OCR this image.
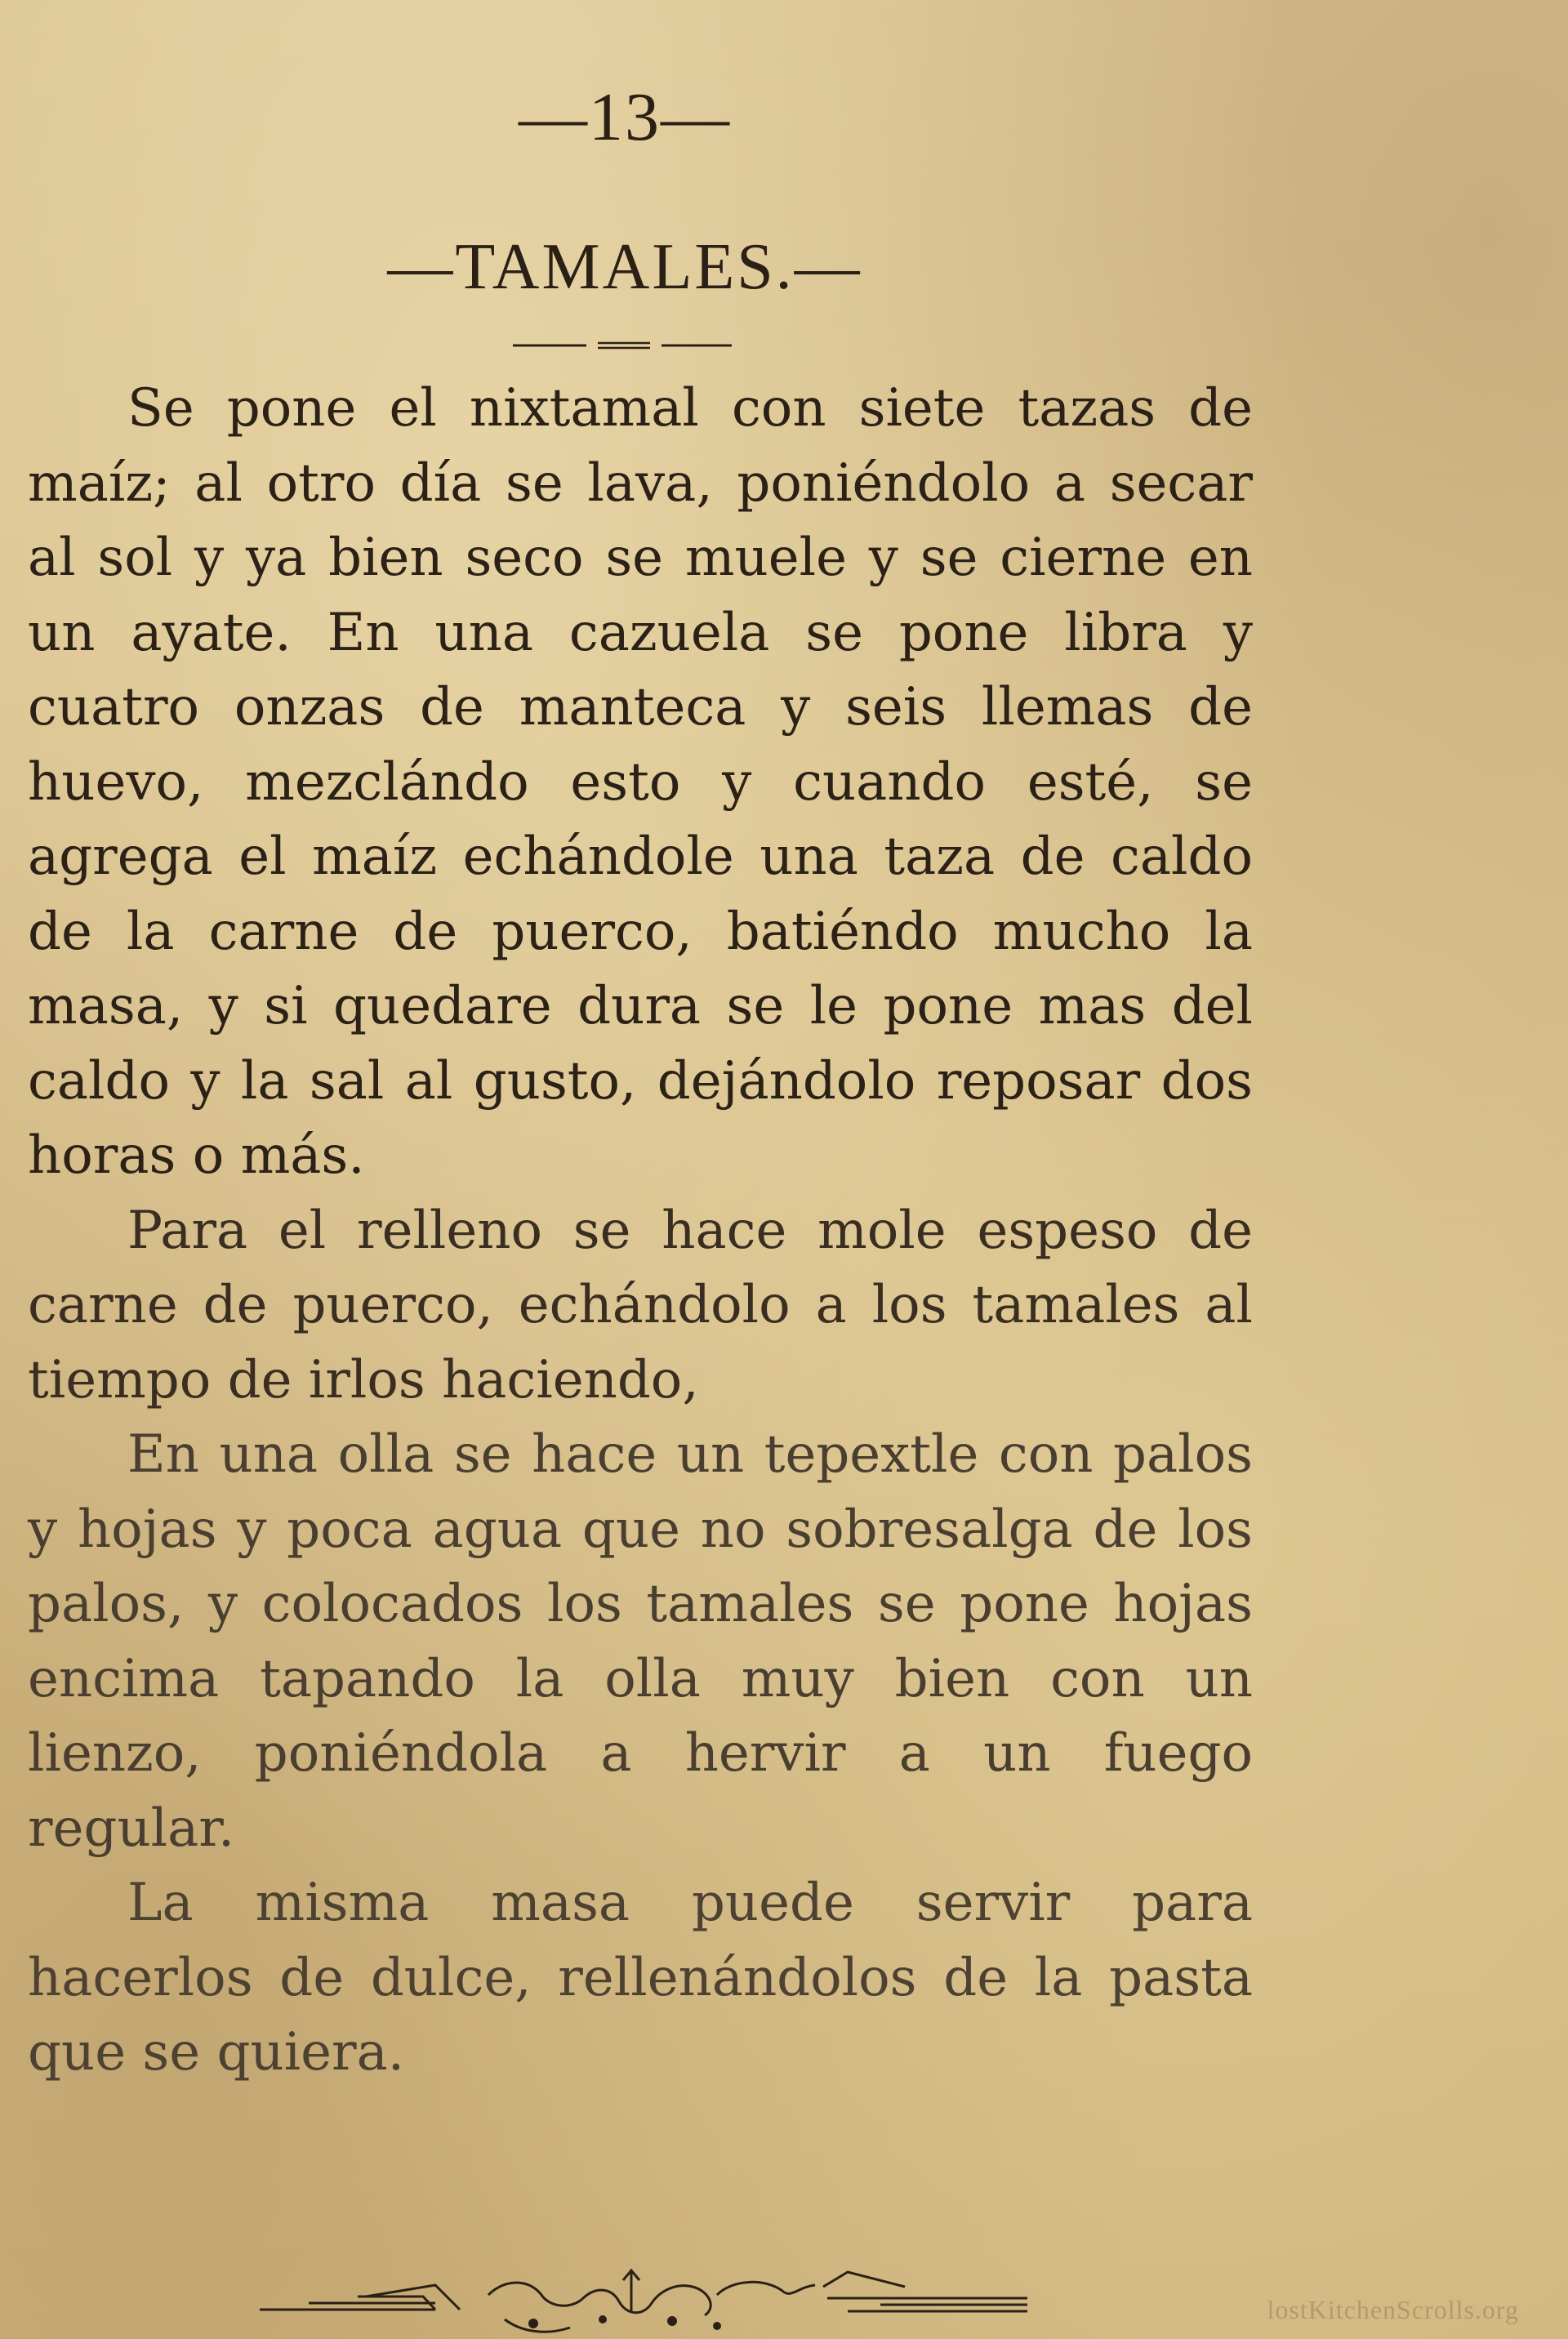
—13—
—TAMALES.—

Se pone el nixtamal con siete tazas de maíz; al otro día se lava, poniéndolo a secar al sol y ya bien seco se muele y se cierne en un ayate. En una cazuela se pone libra y cuatro onzas de manteca y seis llemas de huevo, mezclándo esto y cuando esté, se agrega el maíz echándole una taza de caldo de la carne de puerco, batiéndo mucho la masa, y si quedare dura se le pone mas del caldo y la sal al gusto, dejándolo reposar dos horas o más.

Para el relleno se hace mole espeso de carne de puerco, echándolo a los tamales al tiempo de irlos haciendo,

En una olla se hace un tepextle con palos y hojas y poca agua que no sobresalga de los palos, y colocados los tamales se pone hojas encima tapando la olla muy bien con un lienzo, poniéndola a hervir a un fuego regular.

La misma masa puede servir para hacerlos de dulce, rellenándolos de la pasta que se quiera.

lostKitchenScrolls.org
